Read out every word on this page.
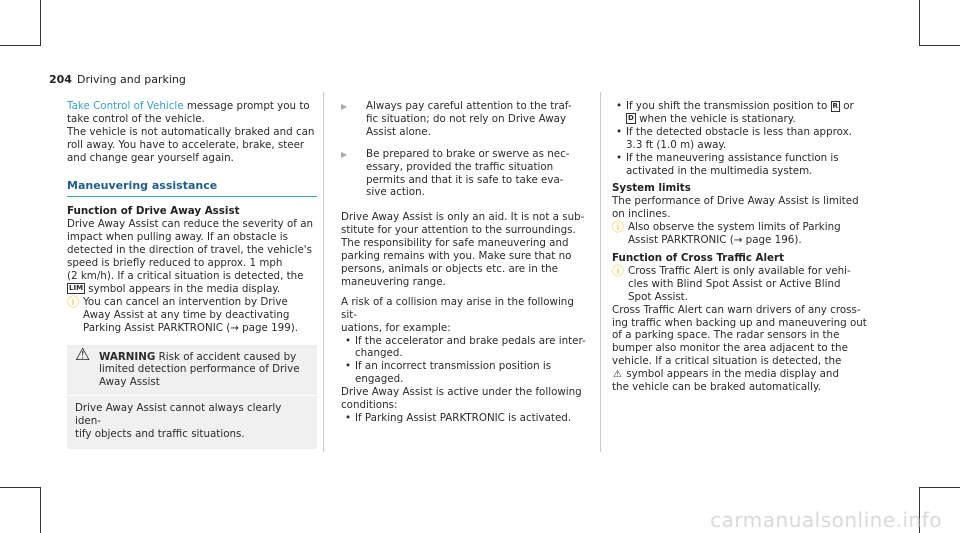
204 Driving and parking

Take Control of Vehicle message prompt you to

take control of the vehicle.

The vehicle is not automatically braked and can

roll away. You have to accelerate, brake, steer

and change gear yourself again.

Maneuvering assistance

Function of Drive Away Assist

Drive Away Assist can reduce the severity of an

impact when pulling away. If an obstacle is

detected in the direction of travel, the vehicle's

speed is briefly reduced to approx. 1 mph

(2 km/h). If a critical situation is detected, the

LIM symbol appears in the media display.

ⓘ You can cancel an intervention by Drive

Away Assist at any time by deactivating

Parking Assist PARKTRONIC (→ page 199).

⚠ WARNING Risk of accident caused by

limited detection performance of Drive

Away Assist

Drive Away Assist cannot always clearly iden-

tify objects and traffic situations.

▶ Always pay careful attention to the traf-

fic situation; do not rely on Drive Away

Assist alone.

▶ Be prepared to brake or swerve as nec-

essary, provided the traffic situation

permits and that it is safe to take eva-

sive action.

Drive Away Assist is only an aid. It is not a sub-

stitute for your attention to the surroundings.

The responsibility for safe maneuvering and

parking remains with you. Make sure that no

persons, animals or objects etc. are in the

maneuvering range.

A risk of a collision may arise in the following sit-

uations, for example:

• If the accelerator and brake pedals are inter-

changed.

• If an incorrect transmission position is

engaged.

Drive Away Assist is active under the following

conditions:

• If Parking Assist PARKTRONIC is activated.

• If you shift the transmission position to R or

D when the vehicle is stationary.

• If the detected obstacle is less than approx.

3.3 ft (1.0 m) away.

• If the maneuvering assistance function is

activated in the multimedia system.

System limits

The performance of Drive Away Assist is limited

on inclines.

ⓘ Also observe the system limits of Parking

Assist PARKTRONIC (→ page 196).

Function of Cross Traffic Alert

ⓘ Cross Traffic Alert is only available for vehi-

cles with Blind Spot Assist or Active Blind

Spot Assist.

Cross Traffic Alert can warn drivers of any cross-

ing traffic when backing up and maneuvering out

of a parking space. The radar sensors in the

bumper also monitor the area adjacent to the

vehicle. If a critical situation is detected, the

⚠ symbol appears in the media display and

the vehicle can be braked automatically.

carmanualsonline.info
